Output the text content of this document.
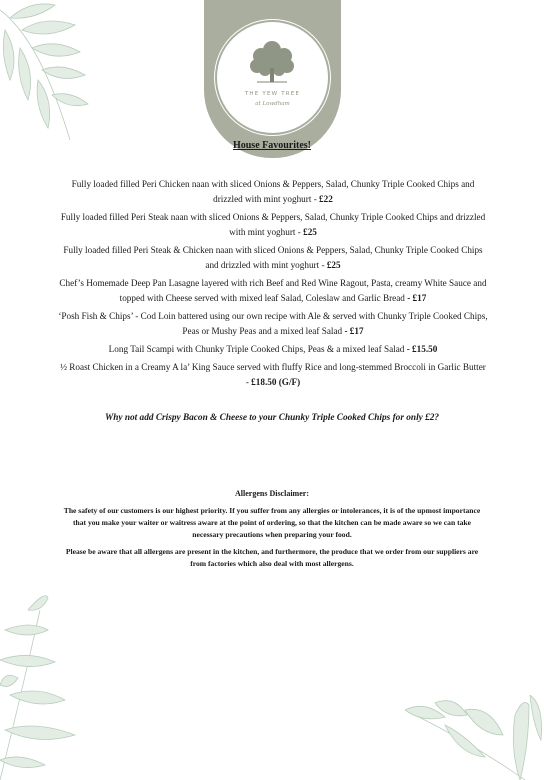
THE YEW TREE
at Lowdham
House Favourites!

Fully loaded filled Peri Chicken naan with sliced Onions & Peppers, Salad, Chunky Triple Cooked Chips and drizzled with mint yoghurt - £22

Fully loaded filled Peri Steak naan with sliced Onions & Peppers, Salad, Chunky Triple Cooked Chips and drizzled with mint yoghurt - £25

Fully loaded filled Peri Steak & Chicken naan with sliced Onions & Peppers, Salad, Chunky Triple Cooked Chips and drizzled with mint yoghurt - £25

Chef’s Homemade Deep Pan Lasagne layered with rich Beef and Red Wine Ragout, Pasta, creamy White Sauce and topped with Cheese served with mixed leaf Salad, Coleslaw and Garlic Bread - £17

‘Posh Fish & Chips’ - Cod Loin battered using our own recipe with Ale & served with Chunky Triple Cooked Chips, Peas or Mushy Peas and a mixed leaf Salad - £17

Long Tail Scampi with Chunky Triple Cooked Chips, Peas & a mixed leaf Salad - £15.50

½ Roast Chicken in a Creamy A la’ King Sauce served with fluffy Rice and long-stemmed Broccoli in Garlic Butter - £18.50 (G/F)

Why not add Crispy Bacon & Cheese to your Chunky Triple Cooked Chips for only £2?
Allergens Disclaimer:

The safety of our customers is our highest priority. If you suffer from any allergies or intolerances, it is of the upmost importance that you make your waiter or waitress aware at the point of ordering, so that the kitchen can be made aware so we can take necessary precautions when preparing your food.

Please be aware that all allergens are present in the kitchen, and furthermore, the produce that we order from our suppliers are from factories which also deal with most allergens.
